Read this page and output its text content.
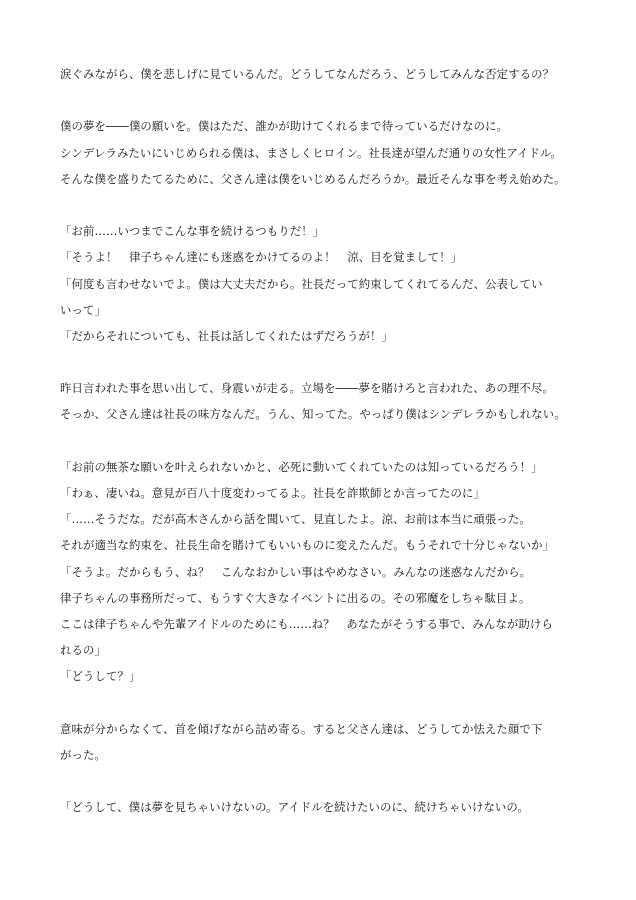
涙ぐみながら、僕を悲しげに見ているんだ。どうしてなんだろう、どうしてみんな否定するの？
僕の夢を――僕の願いを。僕はただ、誰かが助けてくれるまで待っているだけなのに。
シンデレラみたいにいじめられる僕は、まさしくヒロイン。社長達が望んだ通りの女性アイドル。
そんな僕を盛りたてるために、父さん達は僕をいじめるんだろうか。最近そんな事を考え始めた。
「お前……いつまでこんな事を続けるつもりだ！」
「そうよ！　律子ちゃん達にも迷惑をかけてるのよ！　涼、目を覚まして！」
「何度も言わせないでよ。僕は大丈夫だから。社長だって約束してくれてるんだ、公表してい
いって」
「だからそれについても、社長は話してくれたはずだろうが！」
昨日言われた事を思い出して、身震いが走る。立場を――夢を賭けろと言われた、あの理不尽。
そっか、父さん達は社長の味方なんだ。うん、知ってた。やっぱり僕はシンデレラかもしれない。
「お前の無茶な願いを叶えられないかと、必死に動いてくれていたのは知っているだろう！」
「わぁ、凄いね。意見が百八十度変わってるよ。社長を詐欺師とか言ってたのに」
「……そうだな。だが高木さんから話を聞いて、見直したよ。涼、お前は本当に頑張った。
それが適当な約束を、社長生命を賭けてもいいものに変えたんだ。もうそれで十分じゃないか」
「そうよ。だからもう、ね？　こんなおかしい事はやめなさい。みんなの迷惑なんだから。
律子ちゃんの事務所だって、もうすぐ大きなイベントに出るの。その邪魔をしちゃ駄目よ。
ここは律子ちゃんや先輩アイドルのためにも……ね？　あなたがそうする事で、みんなが助けら
れるの」
「どうして？」
意味が分からなくて、首を傾げながら詰め寄る。すると父さん達は、どうしてか怯えた顔で下
がった。
「どうして、僕は夢を見ちゃいけないの。アイドルを続けたいのに、続けちゃいけないの。
